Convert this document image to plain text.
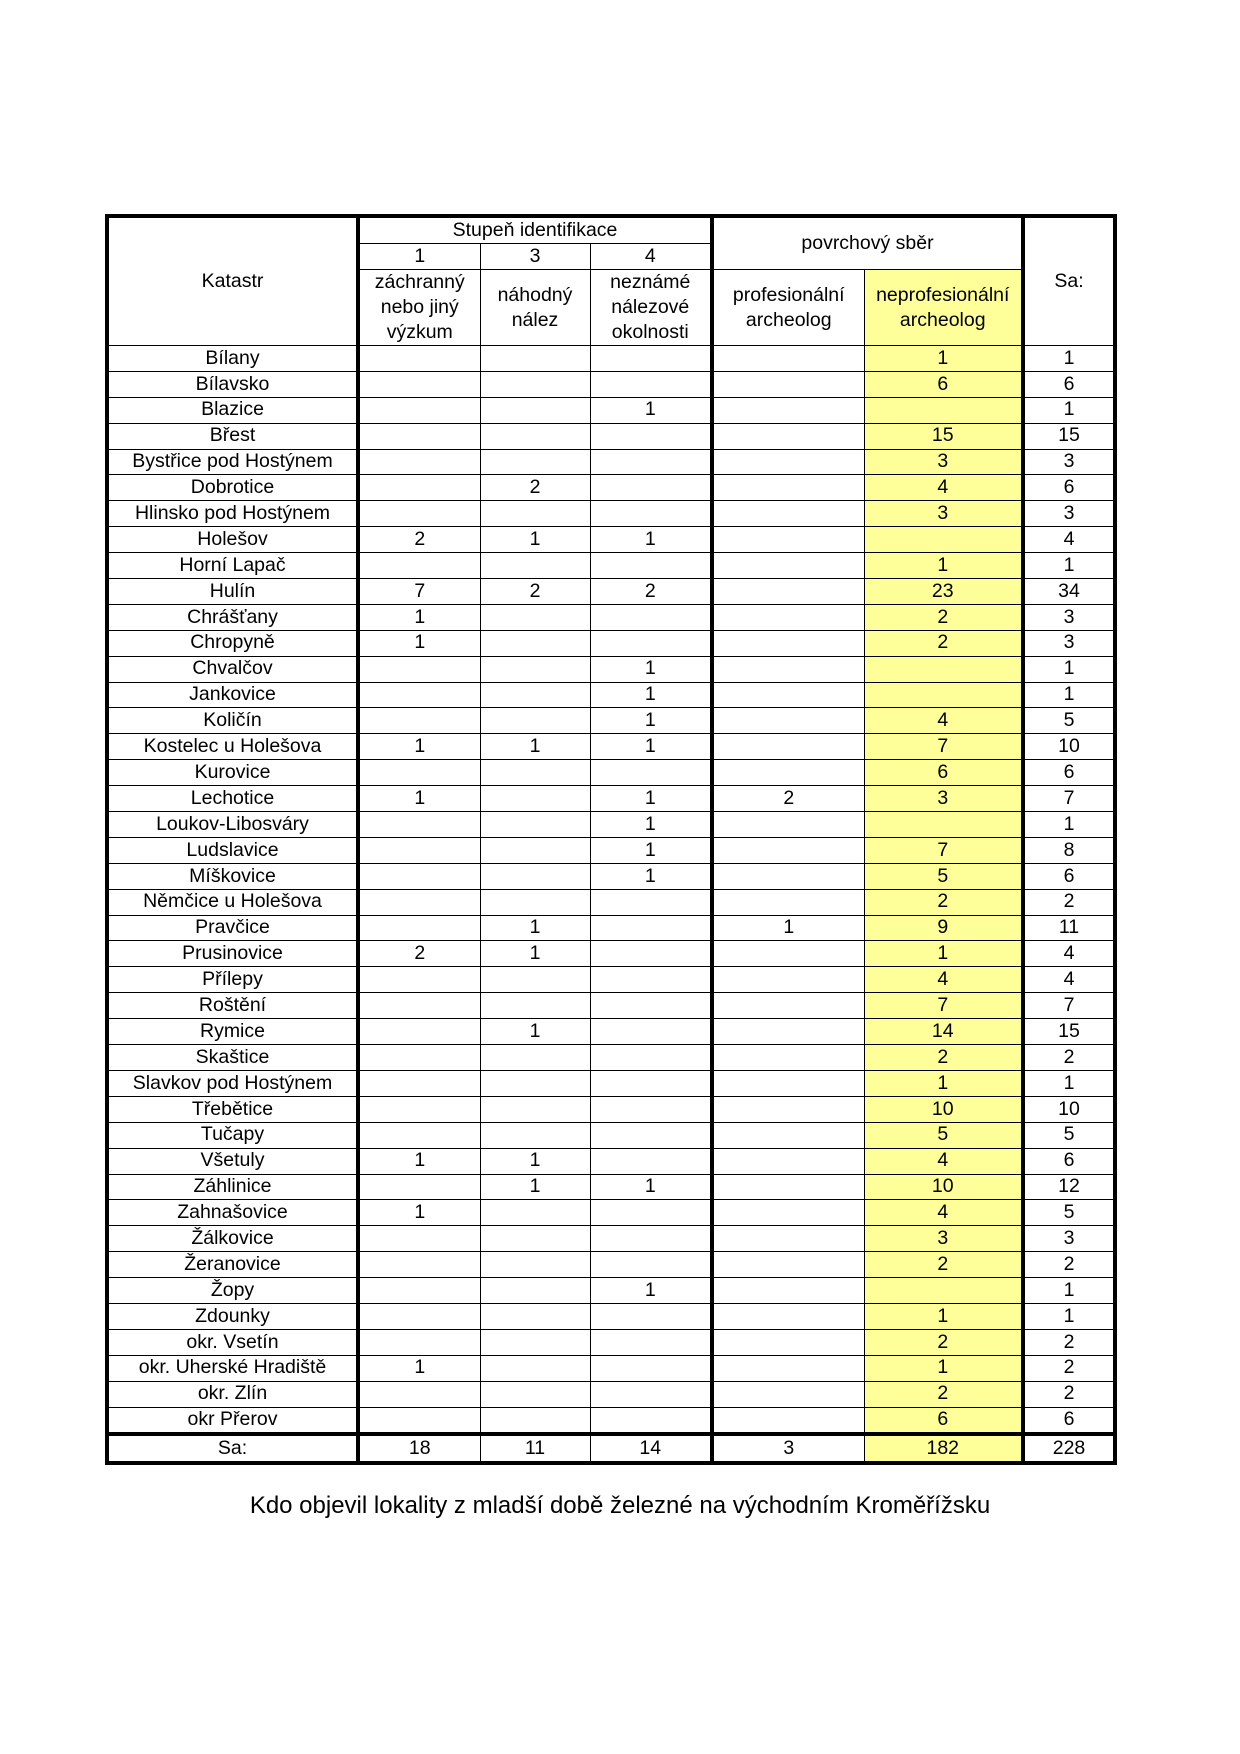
Katastr	Stupeň identifikace			povrchový sběr		Sa:
	1	3	4			
	záchranný nebo jiný výzkum	náhodný nález	neznámé nálezové okolnosti			
				profesionální archeolog	neprofesionální archeolog	

Bílany					1	1
Bílavsko					6	6
Blazice			1			1
Břest					15	15
Bystřice pod Hostýnem					3	3
Dobrotice		2			4	6
Hlinsko pod Hostýnem					3	3
Holešov	2	1	1			4
Horní Lapač					1	1
Hulín	7	2	2		23	34
Chrášťany	1				2	3
Chropyně	1				2	3
Chvalčov			1			1
Jankovice			1			1
Količín			1		4	5
Kostelec u Holešova	1	1	1		7	10
Kurovice					6	6
Lechotice	1		1	2	3	7
Loukov-Libosváry			1			1
Ludslavice			1		7	8
Míškovice			1		5	6
Němčice u Holešova					2	2
Pravčice		1		1	9	11
Prusinovice	2	1			1	4
Přílepy					4	4
Roštění					7	7
Rymice		1			14	15
Skaštice					2	2
Slavkov pod Hostýnem					1	1
Třebětice					10	10
Tučapy					5	5
Všetuly	1	1			4	6
Záhlinice		1	1		10	12
Zahnašovice	1				4	5
Žálkovice					3	3
Žeranovice					2	2
Žopy			1			1
Zdounky					1	1
okr. Vsetín					2	2
okr. Uherské Hradiště	1				1	2
okr. Zlín					2	2
okr Přerov					6	6
Sa:	18	11	14	3	182	228
Kdo objevil lokality z mladší době železné na východním Kroměřížsku
